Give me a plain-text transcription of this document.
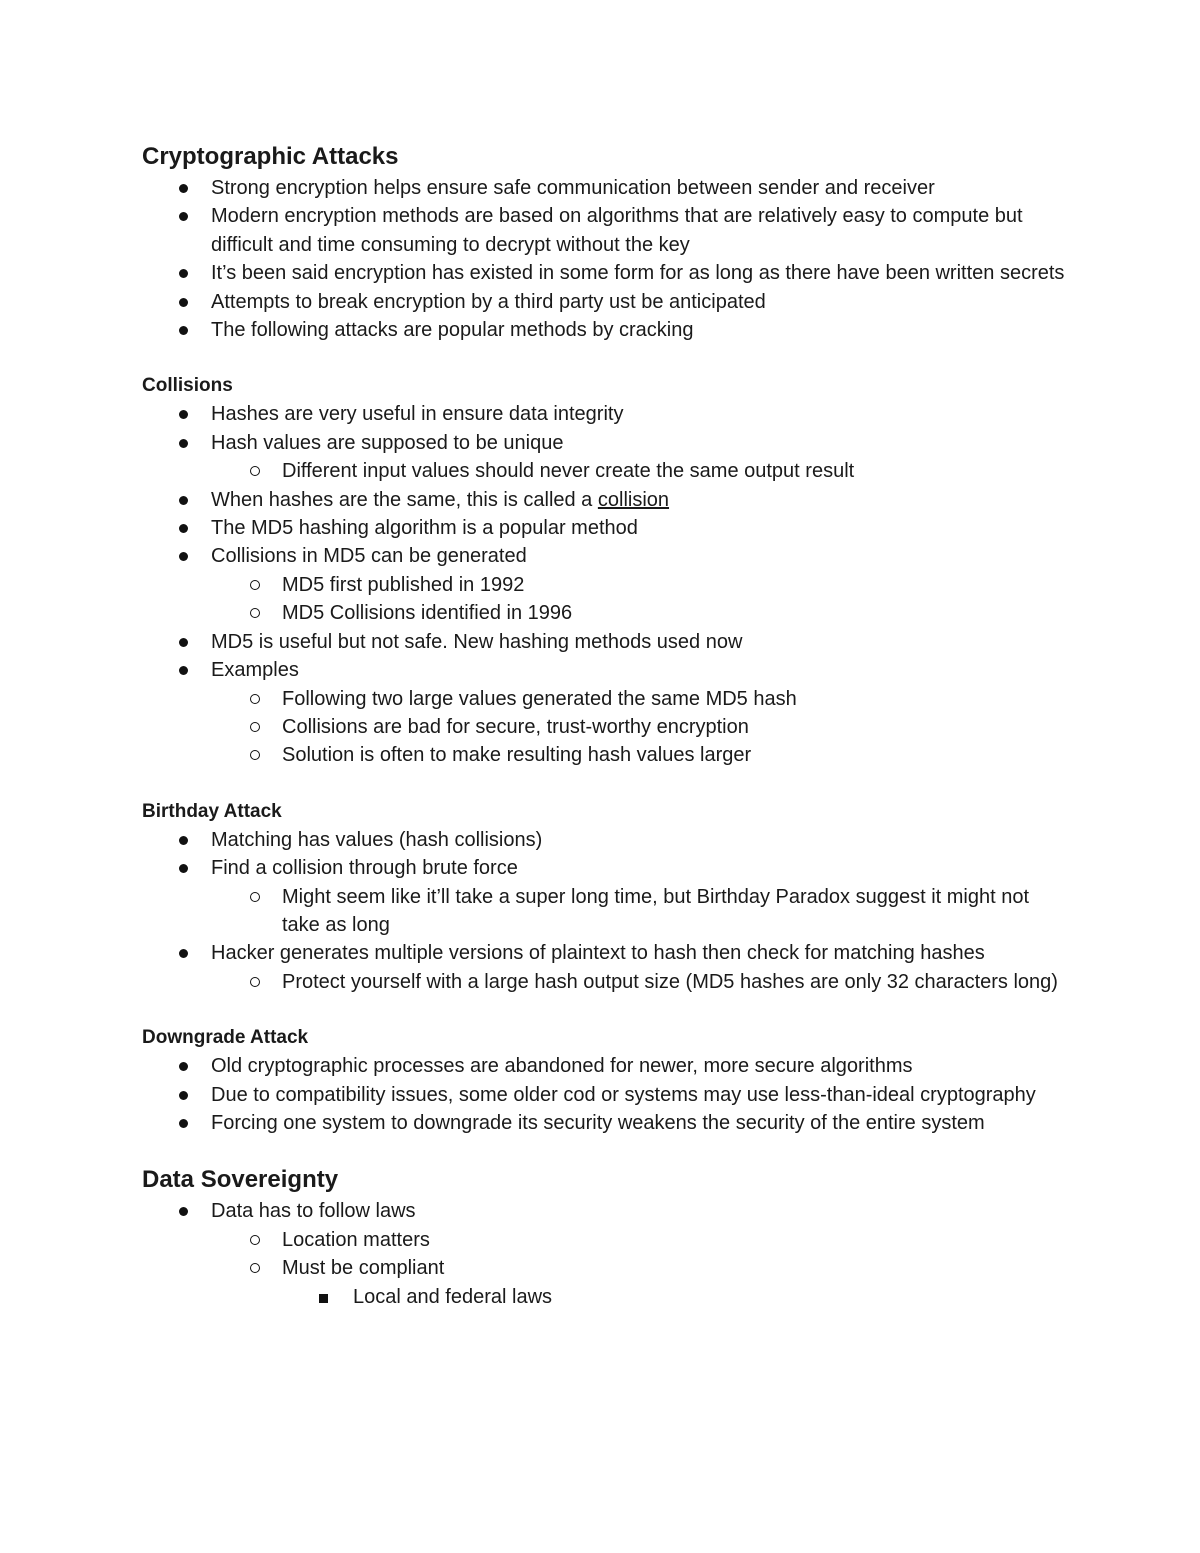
Cryptographic Attacks
Strong encryption helps ensure safe communication between sender and receiver
Modern encryption methods are based on algorithms that are relatively easy to compute but difficult and time consuming to decrypt without the key
It’s been said encryption has existed in some form for as long as there have been written secrets
Attempts to break encryption by a third party ust be anticipated
The following attacks are popular methods by cracking
Collisions
Hashes are very useful in ensure data integrity
Hash values are supposed to be unique
Different input values should never create the same output result
When hashes are the same, this is called a collision
The MD5 hashing algorithm is a popular method
Collisions in MD5 can be generated
MD5 first published in 1992
MD5 Collisions identified in 1996
MD5 is useful but not safe. New hashing methods used now
Examples
Following two large values generated the same MD5 hash
Collisions are bad for secure, trust-worthy encryption
Solution is often to make resulting hash values larger
Birthday Attack
Matching has values (hash collisions)
Find a collision through brute force
Might seem like it’ll take a super long time, but Birthday Paradox suggest it might not take as long
Hacker generates multiple versions of plaintext to hash then check for matching hashes
Protect yourself with a large hash output size (MD5 hashes are only 32 characters long)
Downgrade Attack
Old cryptographic processes are abandoned for newer, more secure algorithms
Due to compatibility issues, some older cod or systems may use less-than-ideal cryptography
Forcing one system to downgrade its security weakens the security of the entire system
Data Sovereignty
Data has to follow laws
Location matters
Must be compliant
Local and federal laws
